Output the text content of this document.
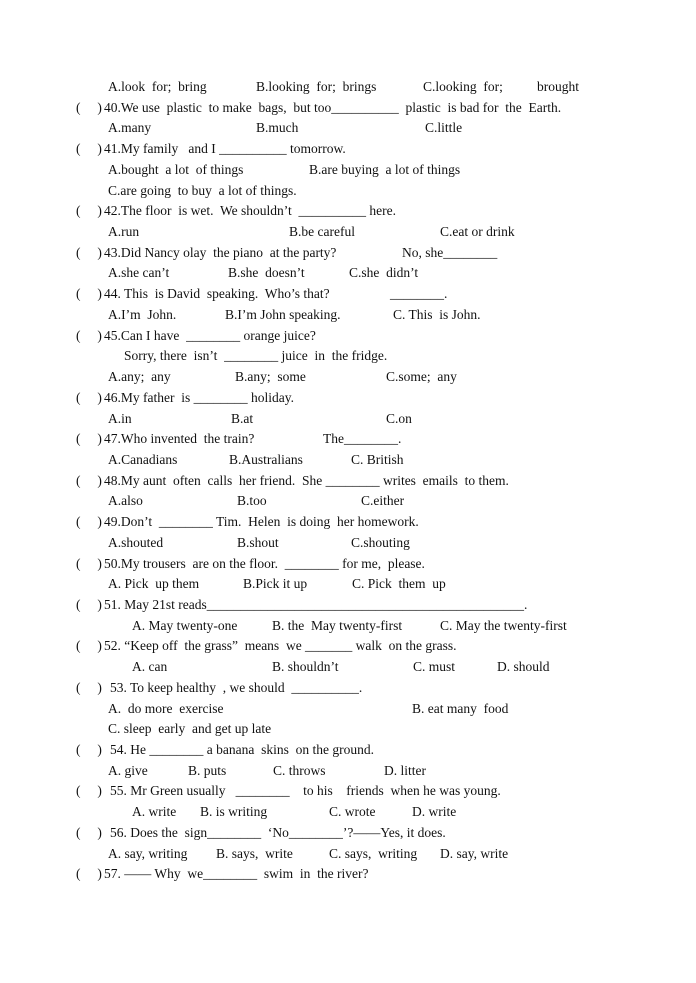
A.look  for;  bring	B.looking  for;  brings	C.looking  for;	brought
(     ) 40.We use  plastic  to make  bags,  but too__________  plastic  is bad for  the  Earth.
A.many	B.much	C.little
(     ) 41.My family   and I __________ tomorrow.
A.bought  a lot  of things	B.are buying  a lot of things
C.are going  to buy  a lot of things.
(     ) 42.The floor  is wet.  We shouldn’t  __________ here.
A.run	B.be careful	C.eat or drink
(     ) 43.Did Nancy olay  the piano  at the party?	No, she________
A.she can’t	B.she  doesn’t	C.she  didn’t
(     ) 44. This  is David  speaking.  Who’s that?	________.
A.I’m  John.	B.I’m John speaking.	C. This  is John.
(     ) 45.Can I have  ________ orange juice?
Sorry, there  isn’t  ________ juice  in  the fridge.
A.any;  any	B.any;  some	C.some;  any
(     ) 46.My father  is ________ holiday.
A.in	B.at	C.on
(     ) 47.Who invented  the train?	The________.
A.Canadians	B.Australians	C. British
(     ) 48.My aunt  often  calls  her friend.  She ________ writes  emails  to them.
A.also	B.too	C.either
(     ) 49.Don’t  ________ Tim.  Helen  is doing  her homework.
A.shouted	B.shout	C.shouting
(     ) 50.My trousers  are on the floor.  ________ for me,  please.
A. Pick  up them	B.Pick it up	C. Pick  them  up
(     ) 51. May 21st reads_______________________________________________.
A. May twenty-one	B. the  May twenty-first	C. May the twenty-first
(     ) 52. “Keep off  the grass”  means  we _______ walk  on the grass.
A. can	B. shouldn’t	C. must	D. should
(     ) 53. To keep healthy  , we should  __________.
A.  do more  exercise	B. eat many  food
C. sleep  early  and get up late
(     ) 54. He ________ a banana  skins  on the ground.
A. give	B. puts	C. throws	D. litter
(     ) 55. Mr Green usually   ________    to his    friends  when he was young.
A. write B. is writing	C. wrote	D. write
(     ) 56. Does the  sign________  ‘No________’?——Yes, it does.
A. say, writing B. says,  write	C. says,  writing D. say, write
(     ) 57. —— Why  we________  swim  in  the river?
